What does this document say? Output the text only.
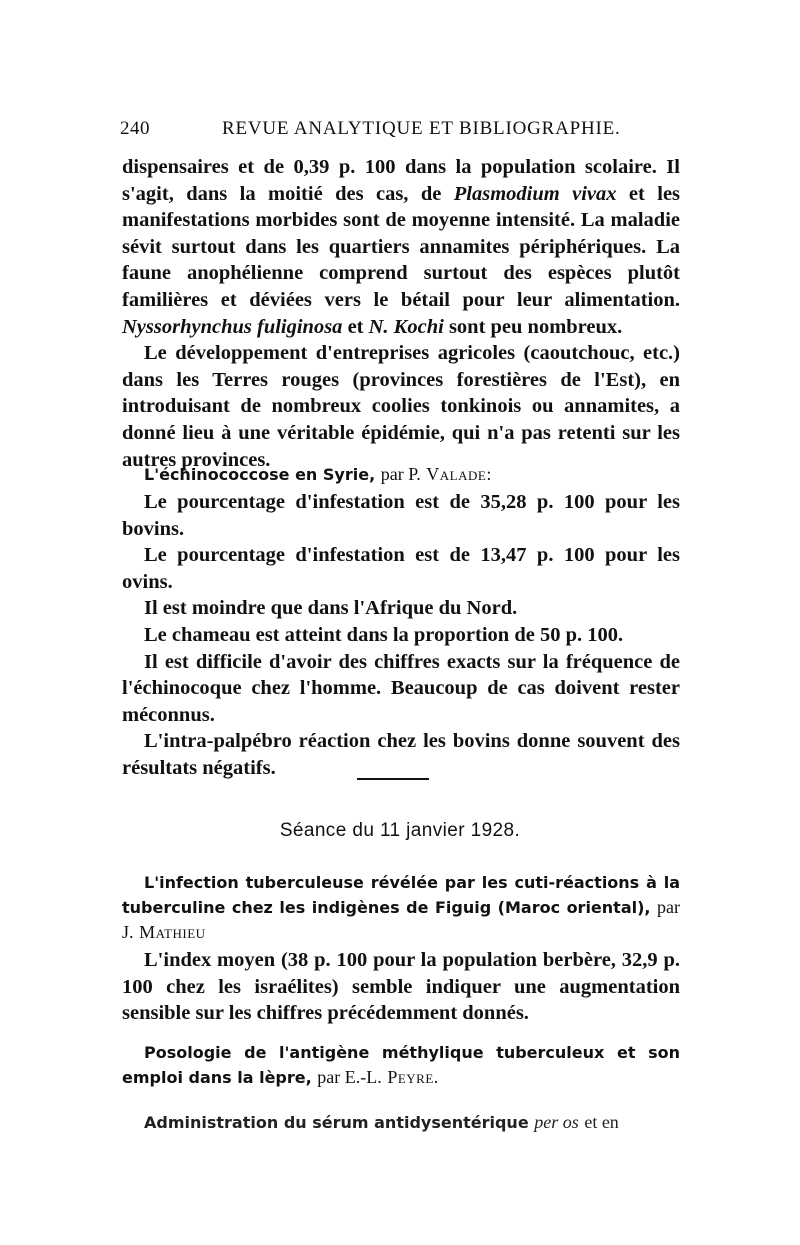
240	REVUE ANALYTIQUE ET BIBLIOGRAPHIE.

dispensaires et de 0,39 p. 100 dans la population scolaire. Il s'agit, dans la moitié des cas, de Plasmodium vivax et les manifestations morbides sont de moyenne intensité. La maladie sévit surtout dans les quartiers annamites périphériques. La faune anophélienne comprend surtout des espèces plutôt familières et déviées vers le bétail pour leur alimentation. Nyssorhynchus fuliginosa et N. Kochi sont peu nombreux.

Le développement d'entreprises agricoles (caoutchouc, etc.) dans les Terres rouges (provinces forestières de l'Est), en introduisant de nombreux coolies tonkinois ou annamites, a donné lieu à une véritable épidémie, qui n'a pas retenti sur les autres provinces.

L'échinococcose en Syrie, par P. Valade:

Le pourcentage d'infestation est de 35,28 p. 100 pour les bovins.

Le pourcentage d'infestation est de 13,47 p. 100 pour les ovins.

Il est moindre que dans l'Afrique du Nord.

Le chameau est atteint dans la proportion de 50 p. 100.

Il est difficile d'avoir des chiffres exacts sur la fréquence de l'échinocoque chez l'homme. Beaucoup de cas doivent rester méconnus.

L'intra-palpébro réaction chez les bovins donne souvent des résultats négatifs.

Séance du 11 janvier 1928.
L'infection tuberculeuse révélée par les cuti-réactions à la tuberculine chez les indigènes de Figuig (Maroc oriental), par J. Mathieu

L'index moyen (38 p. 100 pour la population berbère, 32,9 p. 100 chez les israélites) semble indiquer une augmentation sensible sur les chiffres précédemment donnés.

Posologie de l'antigène méthylique tuberculeux et son emploi dans la lèpre, par E.-L. Peyre.
Administration du sérum antidysentérique per os et en
